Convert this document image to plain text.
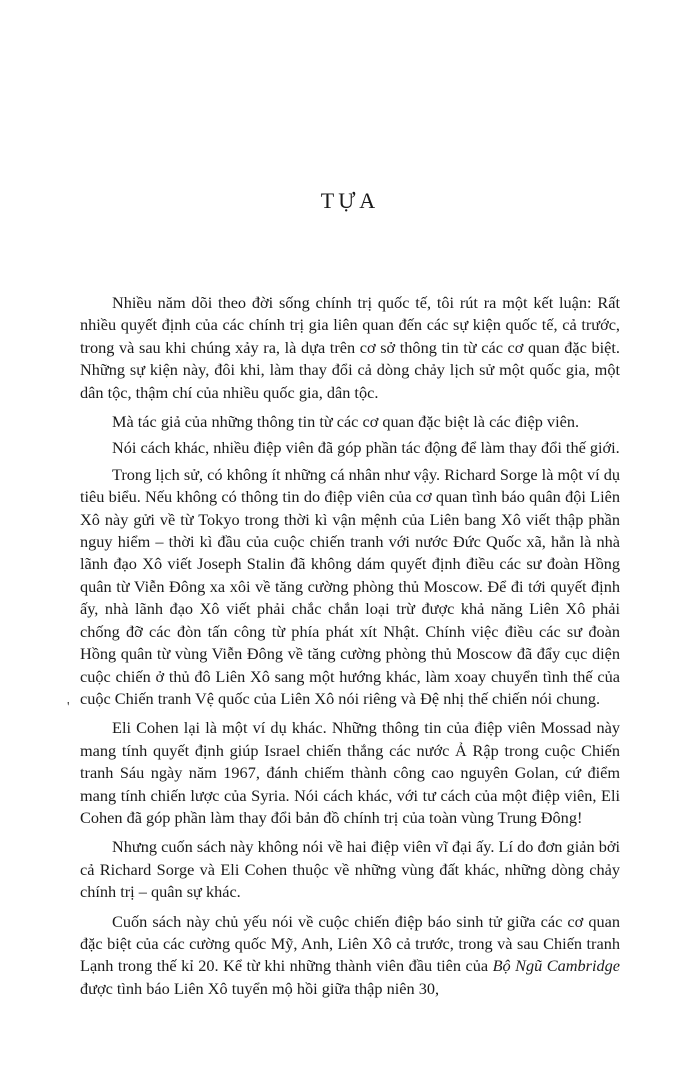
TỰA

Nhiều năm dõi theo đời sống chính trị quốc tế, tôi rút ra một kết luận: Rất nhiều quyết định của các chính trị gia liên quan đến các sự kiện quốc tế, cả trước, trong và sau khi chúng xảy ra, là dựa trên cơ sở thông tin từ các cơ quan đặc biệt. Những sự kiện này, đôi khi, làm thay đổi cả dòng chảy lịch sử một quốc gia, một dân tộc, thậm chí của nhiều quốc gia, dân tộc.

Mà tác giả của những thông tin từ các cơ quan đặc biệt là các điệp viên.

Nói cách khác, nhiều điệp viên đã góp phần tác động để làm thay đổi thế giới.

Trong lịch sử, có không ít những cá nhân như vậy. Richard Sorge là một ví dụ tiêu biểu. Nếu không có thông tin do điệp viên của cơ quan tình báo quân đội Liên Xô này gửi về từ Tokyo trong thời kì vận mệnh của Liên bang Xô viết thập phần nguy hiểm – thời kì đầu của cuộc chiến tranh với nước Đức Quốc xã, hẳn là nhà lãnh đạo Xô viết Joseph Stalin đã không dám quyết định điều các sư đoàn Hồng quân từ Viễn Đông xa xôi về tăng cường phòng thủ Moscow. Để đi tới quyết định ấy, nhà lãnh đạo Xô viết phải chắc chắn loại trừ được khả năng Liên Xô phải chống đỡ các đòn tấn công từ phía phát xít Nhật. Chính việc điều các sư đoàn Hồng quân từ vùng Viễn Đông về tăng cường phòng thủ Moscow đã đẩy cục diện cuộc chiến ở thủ đô Liên Xô sang một hướng khác, làm xoay chuyển tình thế của cuộc Chiến tranh Vệ quốc của Liên Xô nói riêng và Đệ nhị thế chiến nói chung.

Eli Cohen lại là một ví dụ khác. Những thông tin của điệp viên Mossad này mang tính quyết định giúp Israel chiến thắng các nước Ả Rập trong cuộc Chiến tranh Sáu ngày năm 1967, đánh chiếm thành công cao nguyên Golan, cứ điểm mang tính chiến lược của Syria. Nói cách khác, với tư cách của một điệp viên, Eli Cohen đã góp phần làm thay đổi bản đồ chính trị của toàn vùng Trung Đông!

Nhưng cuốn sách này không nói về hai điệp viên vĩ đại ấy. Lí do đơn giản bởi cả Richard Sorge và Eli Cohen thuộc về những vùng đất khác, những dòng chảy chính trị – quân sự khác.

Cuốn sách này chủ yếu nói về cuộc chiến điệp báo sinh tử giữa các cơ quan đặc biệt của các cường quốc Mỹ, Anh, Liên Xô cả trước, trong và sau Chiến tranh Lạnh trong thế kỉ 20. Kể từ khi những thành viên đầu tiên của Bộ Ngũ Cambridge được tình báo Liên Xô tuyển mộ hồi giữa thập niên 30,

'
